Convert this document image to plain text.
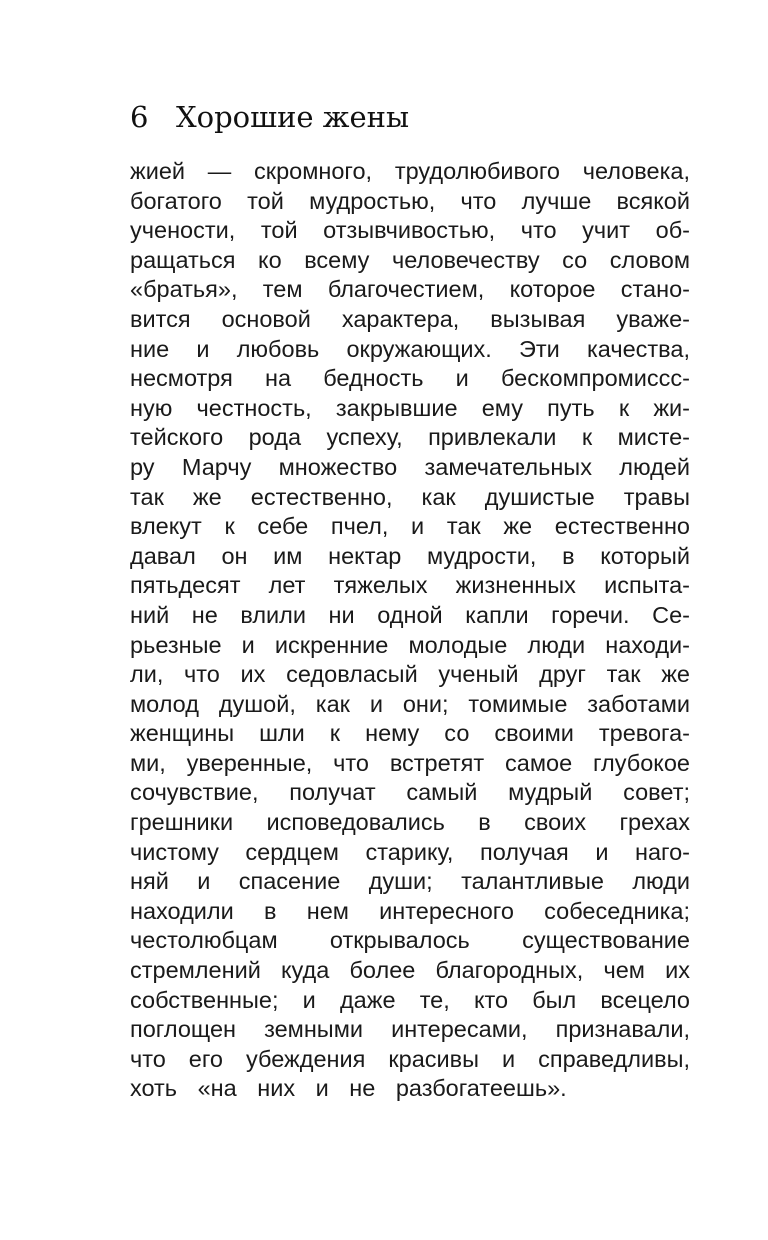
6 Хорошие жены
жией — скромного, трудолюбивого человека,
богатого той мудростью, что лучше всякой
учености, той отзывчивостью, что учит об-
ращаться ко всему человечеству со словом
«братья», тем благочестием, которое стано-
вится основой характера, вызывая уваже-
ние и любовь окружающих. Эти качества,
несмотря на бедность и бескомпромиссс-
ную честность, закрывшие ему путь к жи-
тейского рода успеху, привлекали к мисте-
ру Марчу множество замечательных людей
так же естественно, как душистые травы
влекут к себе пчел, и так же естественно
давал он им нектар мудрости, в который
пятьдесят лет тяжелых жизненных испыта-
ний не влили ни одной капли горечи. Се-
рьезные и искренние молодые люди находи-
ли, что их седовласый ученый друг так же
молод душой, как и они; томимые заботами
женщины шли к нему со своими тревога-
ми, уверенные, что встретят самое глубокое
сочувствие, получат самый мудрый совет;
грешники исповедовались в своих грехах
чистому сердцем старику, получая и наго-
няй и спасение души; талантливые люди
находили в нем интересного собеседника;
честолюбцам открывалось существование
стремлений куда более благородных, чем их
собственные; и даже те, кто был всецело
поглощен земными интересами, признавали,
что его убеждения красивы и справедливы,
хоть «на них и не разбогатеешь».
